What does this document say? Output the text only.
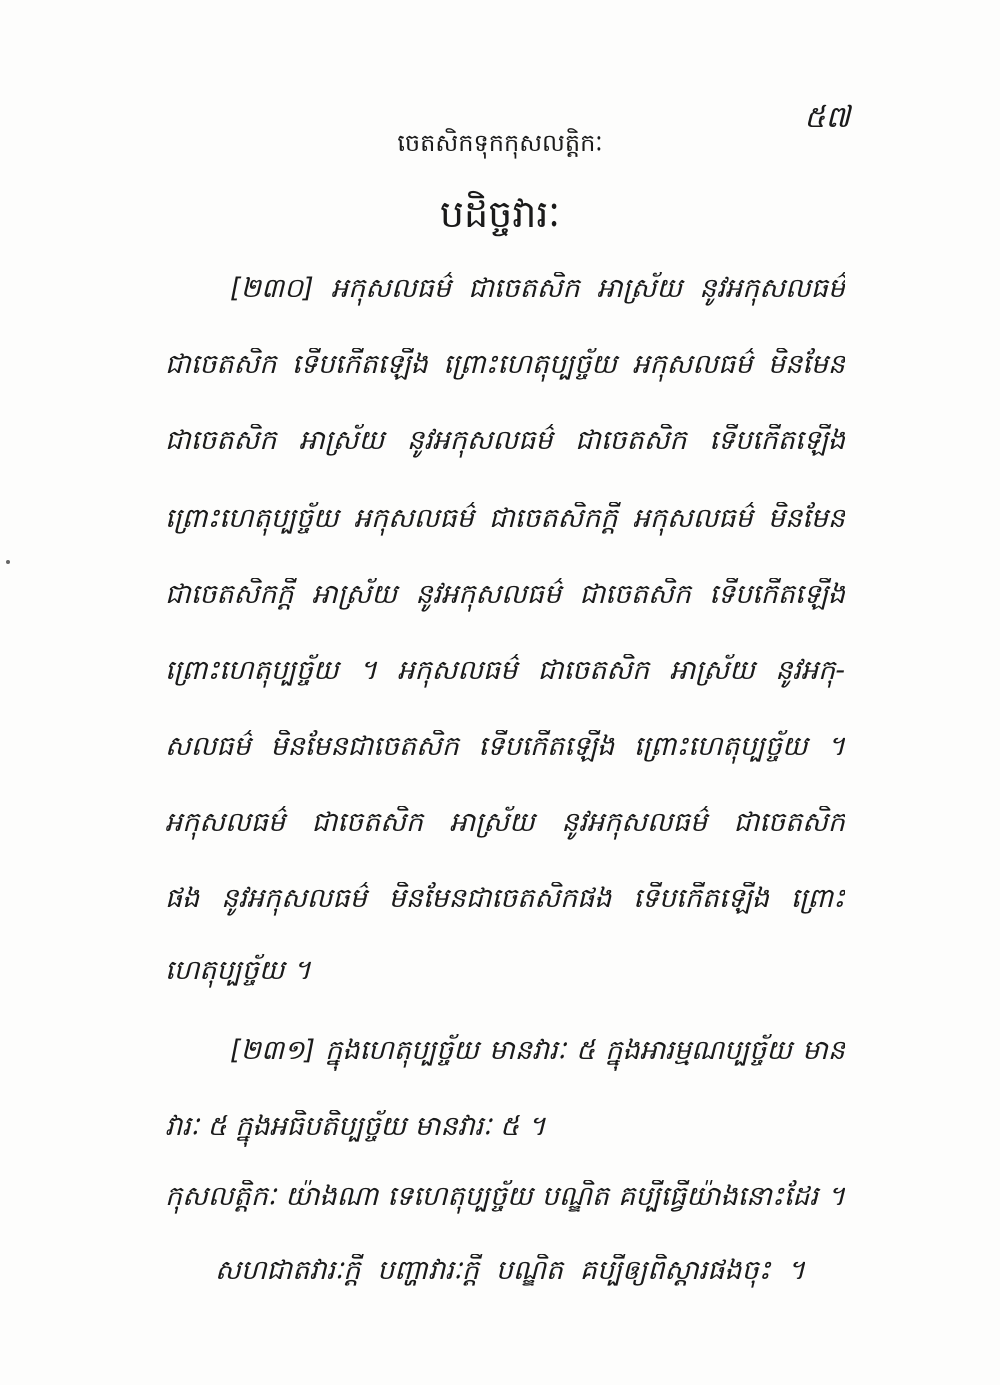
៥៧
ចេតសិកទុកកុសលត្តិកៈ
បដិច្ចវារៈ
[២៣០] អកុសលធម៌ ជាចេតសិក អាស្រ័យ នូវអកុសលធម៌
ជាចេតសិក ទើបកើតឡើង ព្រោះហេតុប្បច្ច័យ អកុសលធម៌ មិនមែន
ជាចេតសិក អាស្រ័យ នូវអកុសលធម៌ ជាចេតសិក ទើបកើតឡើង
ព្រោះហេតុប្បច្ច័យ អកុសលធម៌ ជាចេតសិកក្តី អកុសលធម៌ មិនមែន
ជាចេតសិកក្តី អាស្រ័យ នូវអកុសលធម៌ ជាចេតសិក ទើបកើតឡើង
ព្រោះហេតុប្បច្ច័យ ។ អកុសលធម៌ ជាចេតសិក អាស្រ័យ នូវអកុ-
សលធម៌ មិនមែនជាចេតសិក ទើបកើតឡើង ព្រោះហេតុប្បច្ច័យ ។
អកុសលធម៌ ជាចេតសិក អាស្រ័យ នូវអកុសលធម៌ ជាចេតសិក
ផង នូវអកុសលធម៌ មិនមែនជាចេតសិកផង ទើបកើតឡើង ព្រោះ
ហេតុប្បច្ច័យ ។
[២៣១] ក្នុងហេតុប្បច្ច័យ មានវារៈ ៥ ក្នុងអារម្មណប្បច្ច័យ មាន
វារៈ ៥ ក្នុងអធិបតិប្បច្ច័យ មានវារៈ ៥ ។
កុសលត្តិកៈ យ៉ាងណា ទេហេតុប្បច្ច័យ បណ្ឌិត គប្បីធ្វើយ៉ាងនោះដែរ ។
សហជាតវារៈក្តី បញ្ហាវារៈក្តី បណ្ឌិត គប្បីឲ្យពិស្តារផងចុះ ។
